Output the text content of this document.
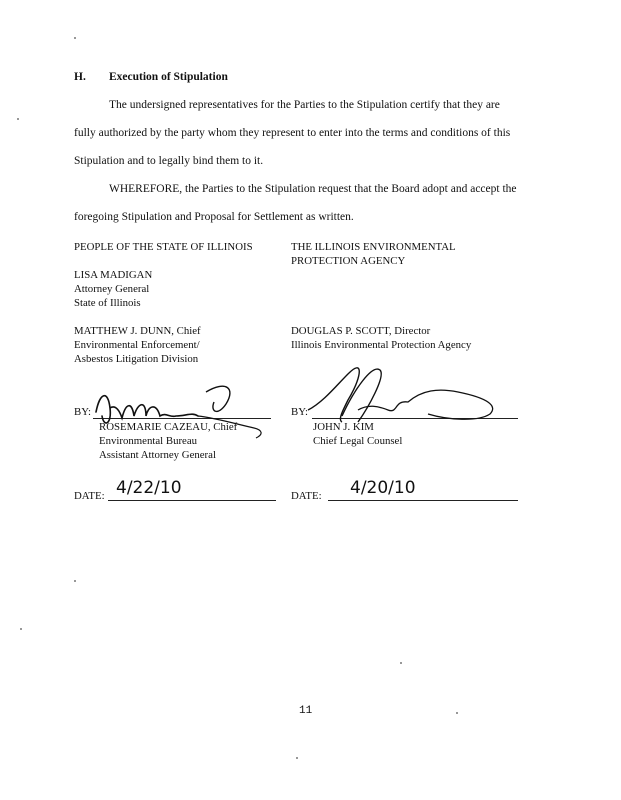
H. Execution of Stipulation
The undersigned representatives for the Parties to the Stipulation certify that they are
fully authorized by the party whom they represent to enter into the terms and conditions of this
Stipulation and to legally bind them to it.
WHEREFORE, the Parties to the Stipulation request that the Board adopt and accept the
foregoing Stipulation and Proposal for Settlement as written.
PEOPLE OF THE STATE OF ILLINOIS
LISA MADIGAN
Attorney General
State of Illinois
MATTHEW J. DUNN, Chief
Environmental Enforcement/
Asbestos Litigation Division
THE ILLINOIS ENVIRONMENTAL
PROTECTION AGENCY
DOUGLAS P. SCOTT, Director
Illinois Environmental Protection Agency
BY:
ROSEMARIE CAZEAU, Chief
Environmental Bureau
Assistant Attorney General
BY:
JOHN J. KIM
Chief Legal Counsel
DATE: 4/22/10	DATE: 4/20/10
11
